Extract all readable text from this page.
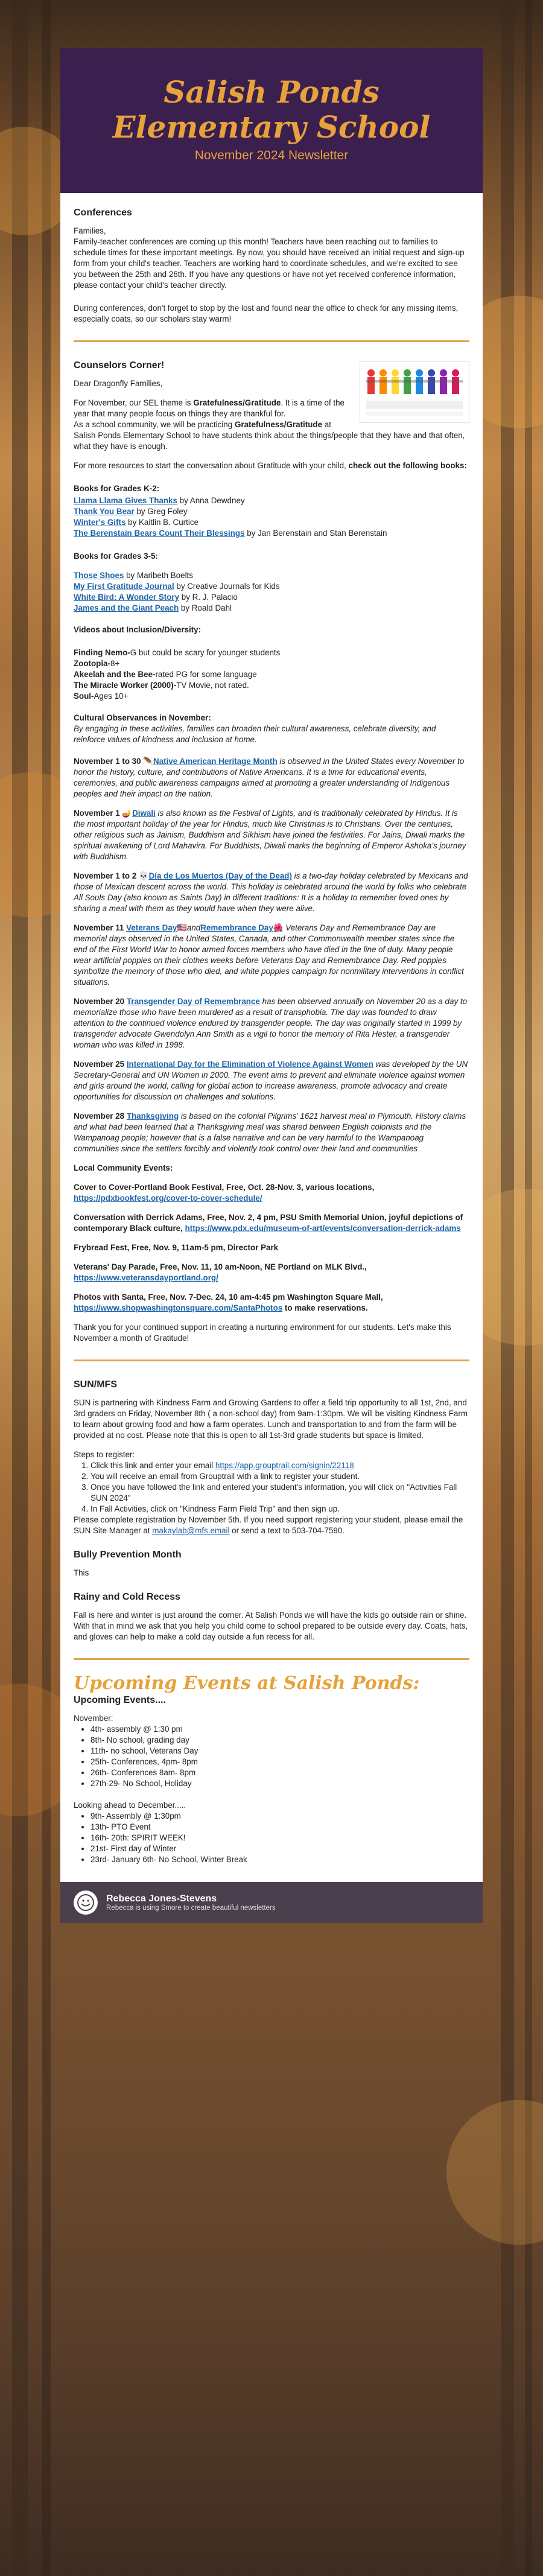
Salish Ponds Elementary School
November 2024 Newsletter
Conferences

Families,

Family-teacher conferences are coming up this month! Teachers have been reaching out to families to schedule times for these important meetings. By now, you should have received an initial request and sign-up form from your child's teacher. Teachers are working hard to coordinate schedules, and we're excited to see you between the 25th and 26th. If you have any questions or have not yet received conference information, please contact your child's teacher directly.

During conferences, don't forget to stop by the lost and found near the office to check for any missing items, especially coats, so our scholars stay warm!

Counselors Corner!

Dear Dragonfly Families,

For November, our SEL theme is Gratefulness/Gratitude. It is a time of the year that many people focus on things they are thankful for.

As a school community, we will be practicing Gratefulness/Gratitude at Salish Ponds Elementary School to have students think about the things/people that they have and that often, what they have is enough.

For more resources to start the conversation about Gratitude with your child, check out the following books:

Books for Grades K-2:

Llama Llama Gives Thanks by Anna Dewdney
Thank You Bear by Greg Foley
Winter's Gifts by Kaitlin B. Curtice
The Berenstain Bears Count Their Blessings by Jan Berenstain and Stan Berenstain

Books for Grades 3-5:

Those Shoes by Maribeth Boelts
My First Gratitude Journal by Creative Journals for Kids
White Bird: A Wonder Story by R. J. Palacio
James and the Giant Peach by Roald Dahl

Videos about Inclusion/Diversity:

Finding Nemo-G but could be scary for younger students
Zootopia-8+
Akeelah and the Bee-rated PG for some language
The Miracle Worker (2000)-TV Movie, not rated.
Soul-Ages 10+

Cultural Observances in November:

By engaging in these activities, families can broaden their cultural awareness, celebrate diversity, and reinforce values of kindness and inclusion at home.

November 1 to 30 🪶Native American Heritage Month is observed in the United States every November to honor the history, culture, and contributions of Native Americans. It is a time for educational events, ceremonies, and public awareness campaigns aimed at promoting a greater understanding of Indigenous peoples and their impact on the nation.

November 1 🪔Diwali is also known as the Festival of Lights, and is traditionally celebrated by Hindus. It is the most important holiday of the year for Hindus, much like Christmas is to Christians. Over the centuries, other religious such as Jainism, Buddhism and Sikhism have joined the festivities. For Jains, Diwali marks the spiritual awakening of Lord Mahavira. For Buddhists, Diwali marks the beginning of Emperor Ashoka's journey with Buddhism.

November 1 to 2 💀Día de Los Muertos (Day of the Dead) is a two-day holiday celebrated by Mexicans and those of Mexican descent across the world. This holiday is celebrated around the world by folks who celebrate All Souls Day (also known as Saints Day) in different traditions: It is a holiday to remember loved ones by sharing a meal with them as they would have when they were alive.

November 11 Veterans Day🇺🇸andRemembrance Day🌺 Veterans Day and Remembrance Day are memorial days observed in the United States, Canada, and other Commonwealth member states since the end of the First World War to honor armed forces members who have died in the line of duty. Many people wear artificial poppies on their clothes weeks before Veterans Day and Remembrance Day. Red poppies symbolize the memory of those who died, and white poppies campaign for nonmilitary interventions in conflict situations.

November 20 Transgender Day of Remembrance has been observed annually on November 20 as a day to memorialize those who have been murdered as a result of transphobia. The day was founded to draw attention to the continued violence endured by transgender people. The day was originally started in 1999 by transgender advocate Gwendolyn Ann Smith as a vigil to honor the memory of Rita Hester, a transgender woman who was killed in 1998.

November 25 International Day for the Elimination of Violence Against Women was developed by the UN Secretary-General and UN Women in 2000. The event aims to prevent and eliminate violence against women and girls around the world, calling for global action to increase awareness, promote advocacy and create opportunities for discussion on challenges and solutions.

November 28 Thanksgiving is based on the colonial Pilgrims' 1621 harvest meal in Plymouth. History claims and what had been learned that a Thanksgiving meal was shared between English colonists and the Wampanoag people; however that is a false narrative and can be very harmful to the Wampanoag communities since the settlers forcibly and violently took control over their land and communities

Local Community Events:

Cover to Cover-Portland Book Festival, Free, Oct. 28-Nov. 3, various locations, https://pdxbookfest.org/cover-to-cover-schedule/

Conversation with Derrick Adams, Free, Nov. 2, 4 pm, PSU Smith Memorial Union, joyful depictions of contemporary Black culture, https://www.pdx.edu/museum-of-art/events/conversation-derrick-adams

Frybread Fest, Free, Nov. 9, 11am-5 pm, Director Park

Veterans' Day Parade, Free, Nov. 11, 10 am-Noon, NE Portland on MLK Blvd., https://www.veteransdayportland.org/

Photos with Santa, Free, Nov. 7-Dec. 24, 10 am-4:45 pm Washington Square Mall, https://www.shopwashingtonsquare.com/SantaPhotos to make reservations.

Thank you for your continued support in creating a nurturing environment for our students. Let's make this November a month of Gratitude!

SUN/MFS

SUN is partnering with Kindness Farm and Growing Gardens to offer a field trip opportunity to all 1st, 2nd, and 3rd graders on Friday, November 8th ( a non-school day) from 9am-1:30pm. We will be visiting Kindness Farm to learn about growing food and how a farm operates. Lunch and transportation to and from the farm will be provided at no cost. Please note that this is open to all 1st-3rd grade students but space is limited.

Steps to register:

1. Click this link and enter your email https://app.grouptrail.com/signin/22118
2. You will receive an email from Grouptrail with a link to register your student.
3. Once you have followed the link and entered your student's information, you will click on "Activities Fall SUN 2024"
4. In Fall Activities, click on "Kindness Farm Field Trip" and then sign up.

Please complete registration by November 5th. If you need support registering your student, please email the SUN Site Manager at makaylab@mfs.email or send a text to 503-704-7590.

Bully Prevention Month

This

Rainy and Cold Recess

Fall is here and winter is just around the corner. At Salish Ponds we will have the kids go outside rain or shine. With that in mind we ask that you help you child come to school prepared to be outside every day. Coats, hats, and gloves can help to make a cold day outside a fun recess for all.

Upcoming Events at Salish Ponds:
Upcoming Events....

November:

• 4th- assembly @ 1:30 pm
• 8th- No school, grading day
• 11th- no school, Veterans Day
• 25th- Conferences, 4pm- 8pm
• 26th- Conferences 8am- 8pm
• 27th-29- No School, Holiday

Looking ahead to December.....

• 9th- Assembly @ 1:30pm
• 13th- PTO Event
• 16th- 20th: SPIRIT WEEK!
• 21st- First day of Winter
• 23rd- January 6th- No School, Winter Break
Rebecca Jones-Stevens
Rebecca is using Smore to create beautiful newsletters
